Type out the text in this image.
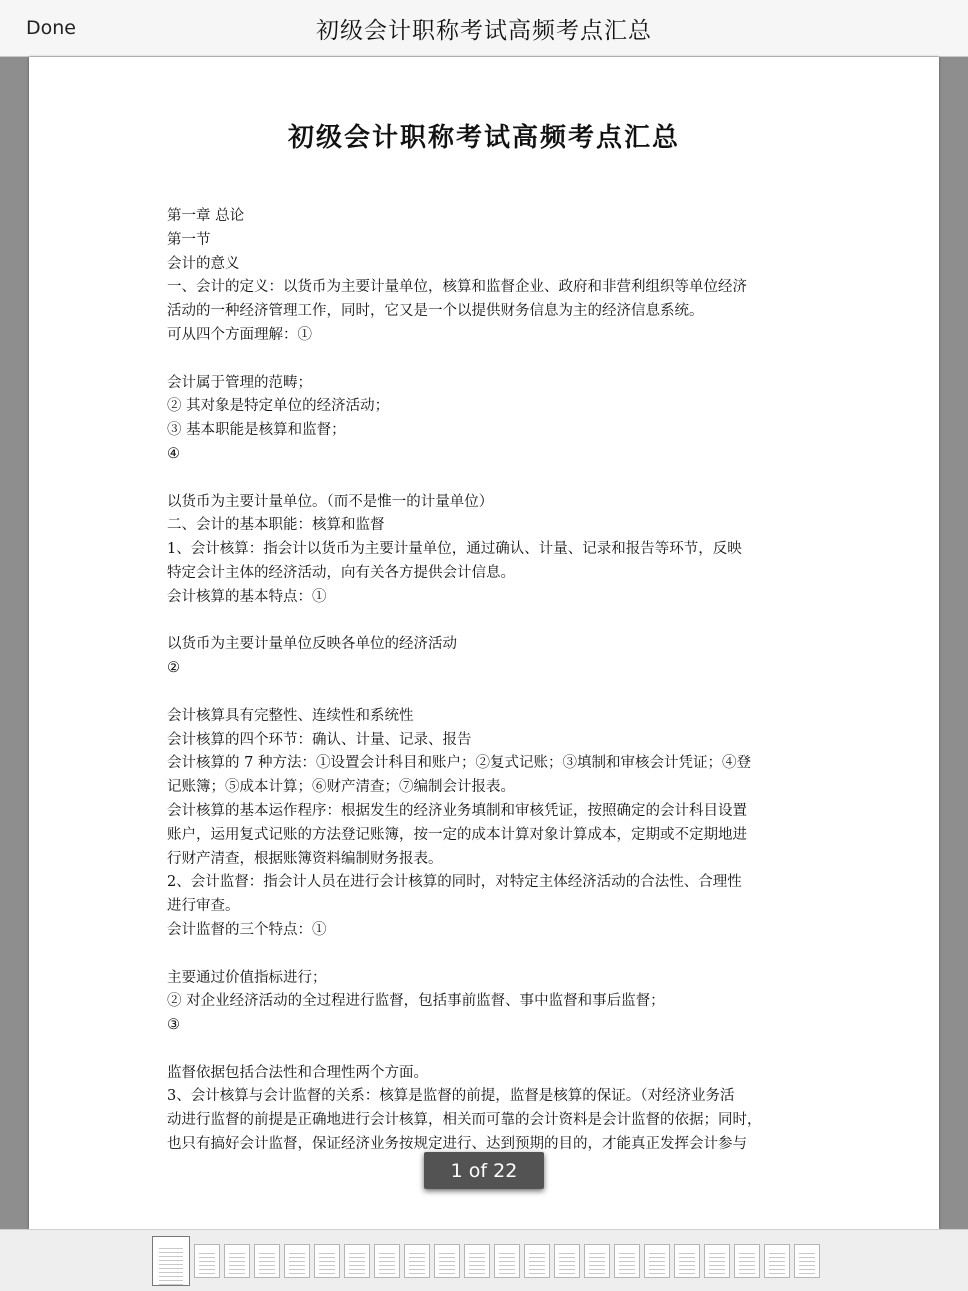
Done	初级会计职称考试高频考点汇总
初级会计职称考试高频考点汇总
第一章 总论
第一节
会计的意义
一、会计的定义：以货币为主要计量单位，核算和监督企业、政府和非营利组织等单位经济
活动的一种经济管理工作，同时，它又是一个以提供财务信息为主的经济信息系统。
可从四个方面理解：①
会计属于管理的范畴；
② 其对象是特定单位的经济活动；
③ 基本职能是核算和监督；
④
以货币为主要计量单位。（而不是惟一的计量单位）
二、会计的基本职能：核算和监督
1、会计核算：指会计以货币为主要计量单位，通过确认、计量、记录和报告等环节，反映
特定会计主体的经济活动，向有关各方提供会计信息。
会计核算的基本特点：①
以货币为主要计量单位反映各单位的经济活动
②
会计核算具有完整性、连续性和系统性
会计核算的四个环节：确认、计量、记录、报告
会计核算的 7 种方法：①设置会计科目和账户；②复式记账；③填制和审核会计凭证；④登
记账簿；⑤成本计算；⑥财产清查；⑦编制会计报表。
会计核算的基本运作程序：根据发生的经济业务填制和审核凭证，按照确定的会计科目设置
账户，运用复式记账的方法登记账簿，按一定的成本计算对象计算成本，定期或不定期地进
行财产清查，根据账簿资料编制财务报表。
2、会计监督：指会计人员在进行会计核算的同时，对特定主体经济活动的合法性、合理性
进行审查。
会计监督的三个特点：①
主要通过价值指标进行；
② 对企业经济活动的全过程进行监督，包括事前监督、事中监督和事后监督；
③
监督依据包括合法性和合理性两个方面。
3、会计核算与会计监督的关系：核算是监督的前提，监督是核算的保证。（对经济业务活
动进行监督的前提是正确地进行会计核算，相关而可靠的会计资料是会计监督的依据；同时，
也只有搞好会计监督，保证经济业务按规定进行、达到预期的目的，才能真正发挥会计参与
1 of 22
